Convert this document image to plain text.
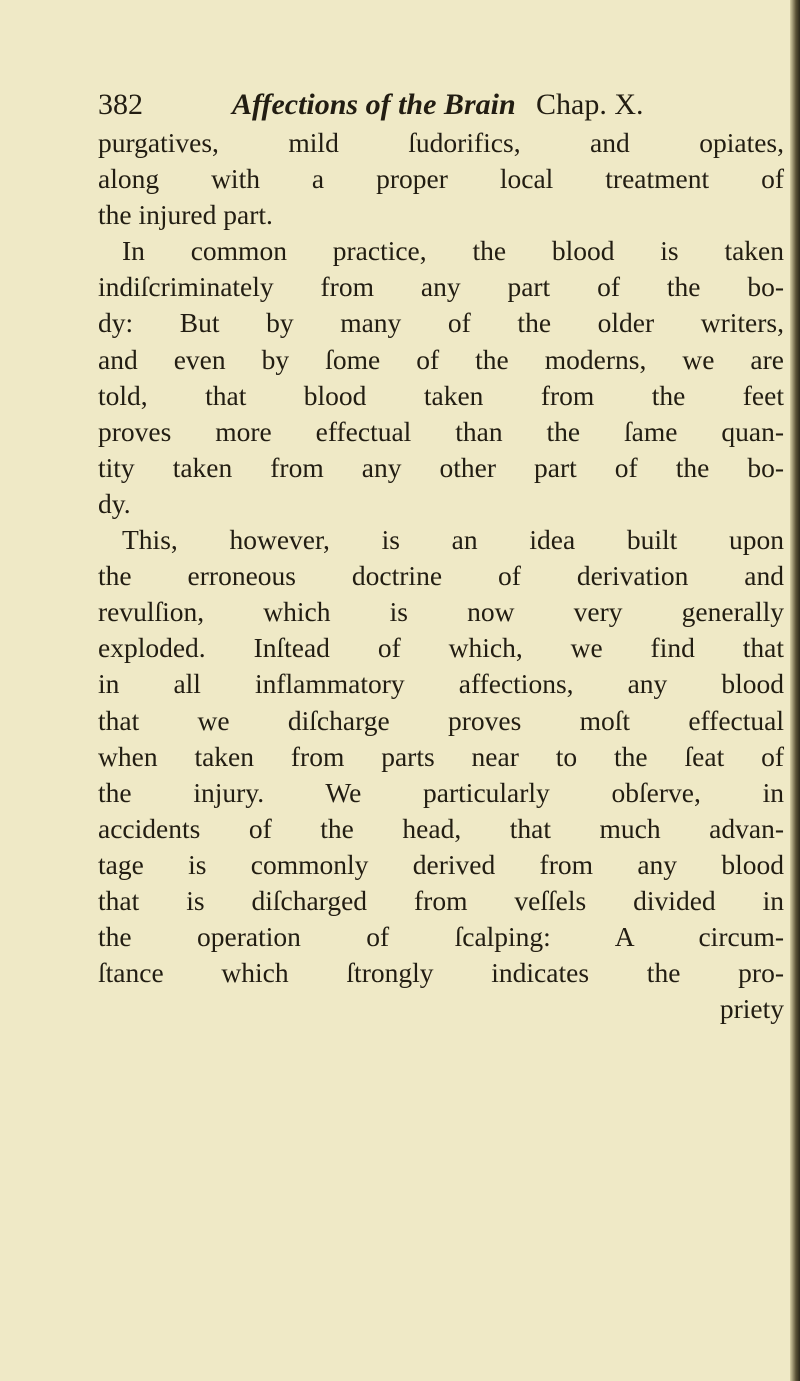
382	Affections of the Brain Chap. X.
purgatives, mild ſudorifics, and opiates,
along with a proper local treatment of
the injured part.
In common practice, the blood is taken
indiſcriminately from any part of the bo-
dy: But by many of the older writers,
and even by ſome of the moderns, we are
told, that blood taken from the feet
proves more effectual than the ſame quan-
tity taken from any other part of the bo-
dy.
This, however, is an idea built upon
the erroneous doctrine of derivation and
revulſion, which is now very generally
exploded. Inſtead of which, we find that
in all inflammatory affections, any blood
that we diſcharge proves moſt effectual
when taken from parts near to the ſeat of
the injury. We particularly obſerve, in
accidents of the head, that much advan-
tage is commonly derived from any blood
that is diſcharged from veſſels divided in
the operation of ſcalping: A circum-
ſtance which ſtrongly indicates the pro-
priety
